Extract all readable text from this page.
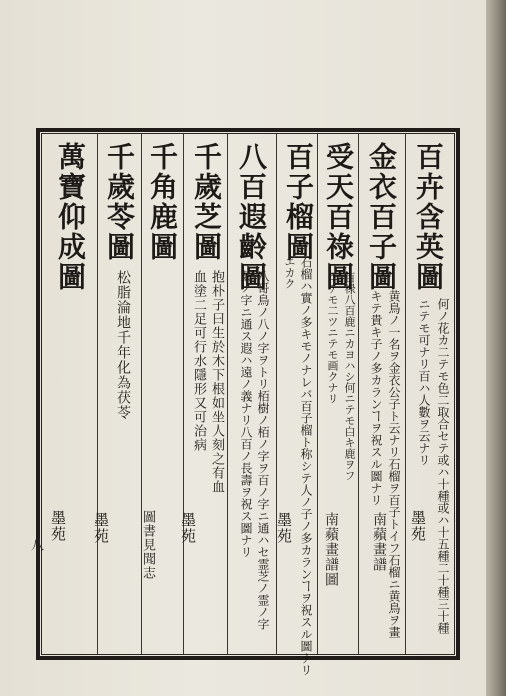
百卉含英圖
何ノ花カ二テモ色二取合セテ或ハ十種或ハ十五種二十種三十種
ニテモ可ナリ百ハ人數ヲ云ナリ
墨苑
金衣百子圖
黄鳥ノ一名ヲ金衣公子ト云ナリ石榴ヲ百子トイフ石榴ニ黄鳥ヲ畫
キテ貴キ子ノ多カランヿヲ祝スル圖ナリ
南蘋畫譜
受天百祿圖
百禄八百鹿ニカヨハシ何ニテモ白キ鹿ヲフ
ニテモ二ツニテモ画クナリ
南蘋畫譜圖
百子榴圖
石榴ハ實ノ多キモノナレバ百子榴ト称シテ人ノ子ノ多カランヿヲ祝スル圖ナリ
エカク
墨苑
八百遐齡圖
八哥鳥ノ八ノ字ヲトリ栢樹ノ栢ノ字ヲ百ノ字ニ通ハセ霊芝ノ霊ノ字
齡ノ字ニ通ス遐ハ遠ノ義ナリ八百ノ長壽ヲ祝ス圖ナリ
千歲芝圖
抱朴子曰生於木下根如坐人刻之有血
血塗二足可行水隱形又可治病
墨苑
千角鹿圖
圖書見聞志
千歲苓圖
松脂淪地千年化為茯苓
墨苑
萬寶仰成圖
墨苑
八
